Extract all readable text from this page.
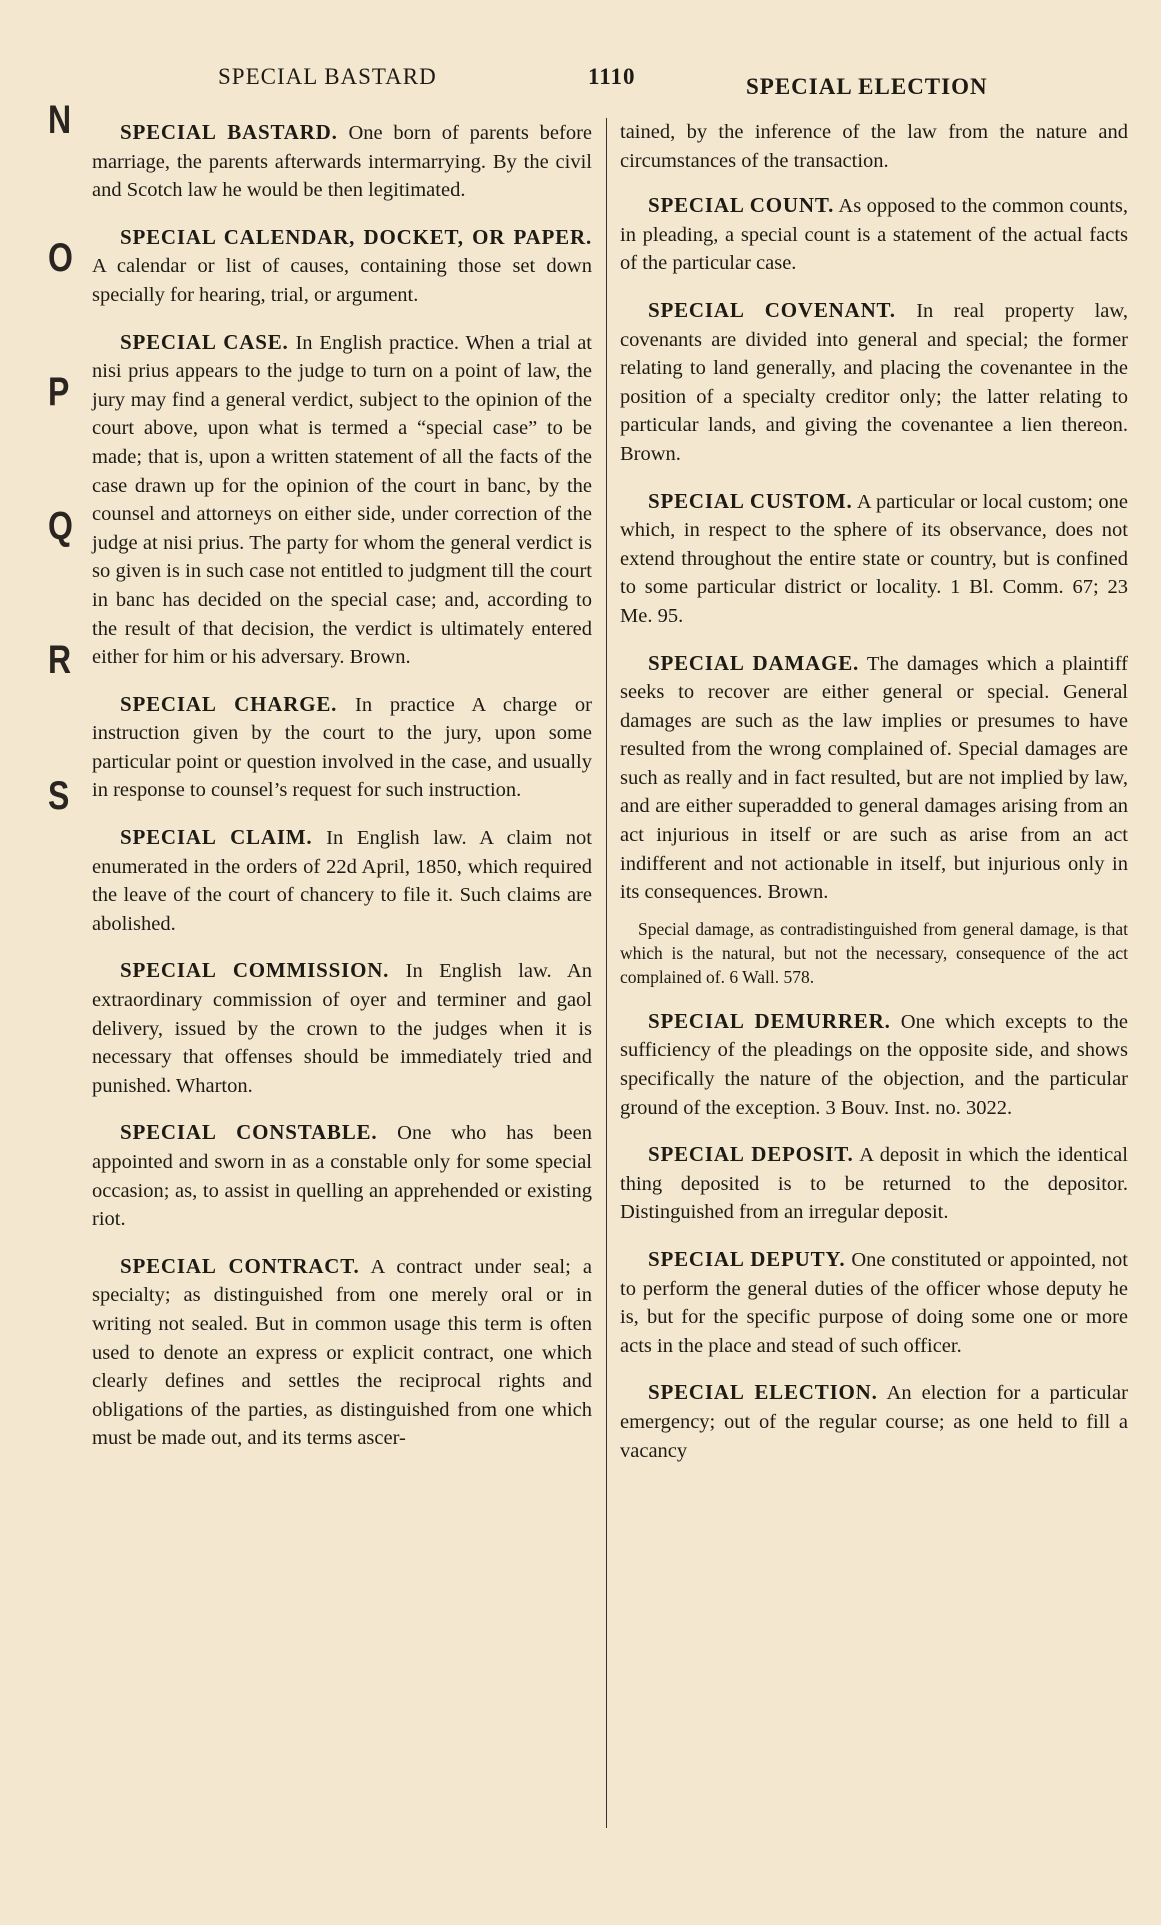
SPECIAL BASTARD	1110	SPECIAL ELECTION
N
O
P
Q
R
S

SPECIAL BASTARD. One born of parents before marriage, the parents afterwards intermarrying. By the civil and Scotch law he would be then legitimated.

SPECIAL CALENDAR, DOCKET, OR PAPER. A calendar or list of causes, containing those set down specially for hearing, trial, or argument.

SPECIAL CASE. In English practice. When a trial at nisi prius appears to the judge to turn on a point of law, the jury may find a general verdict, subject to the opinion of the court above, upon what is termed a “special case” to be made; that is, upon a written statement of all the facts of the case drawn up for the opinion of the court in banc, by the counsel and attorneys on either side, under correction of the judge at nisi prius. The party for whom the general verdict is so given is in such case not entitled to judgment till the court in banc has decided on the special case; and, according to the result of that decision, the verdict is ultimately entered either for him or his adversary. Brown.

SPECIAL CHARGE. In practice A charge or instruction given by the court to the jury, upon some particular point or question involved in the case, and usually in response to counsel’s request for such instruction.

SPECIAL CLAIM. In English law. A claim not enumerated in the orders of 22d April, 1850, which required the leave of the court of chancery to file it. Such claims are abolished.

SPECIAL COMMISSION. In English law. An extraordinary commission of oyer and terminer and gaol delivery, issued by the crown to the judges when it is necessary that offenses should be immediately tried and punished. Wharton.

SPECIAL CONSTABLE. One who has been appointed and sworn in as a constable only for some special occasion; as, to assist in quelling an apprehended or existing riot.

SPECIAL CONTRACT. A contract under seal; a specialty; as distinguished from one merely oral or in writing not sealed. But in common usage this term is often used to denote an express or explicit contract, one which clearly defines and settles the reciprocal rights and obligations of the parties, as distinguished from one which must be made out, and its terms ascer-

tained, by the inference of the law from the nature and circumstances of the transaction.

SPECIAL COUNT. As opposed to the common counts, in pleading, a special count is a statement of the actual facts of the particular case.

SPECIAL COVENANT. In real property law, covenants are divided into general and special; the former relating to land generally, and placing the covenantee in the position of a specialty creditor only; the latter relating to particular lands, and giving the covenantee a lien thereon. Brown.

SPECIAL CUSTOM. A particular or local custom; one which, in respect to the sphere of its observance, does not extend throughout the entire state or country, but is confined to some particular district or locality. 1 Bl. Comm. 67; 23 Me. 95.

SPECIAL DAMAGE. The damages which a plaintiff seeks to recover are either general or special. General damages are such as the law implies or presumes to have resulted from the wrong complained of. Special damages are such as really and in fact resulted, but are not implied by law, and are either superadded to general damages arising from an act injurious in itself or are such as arise from an act indifferent and not actionable in itself, but injurious only in its consequences. Brown.

Special damage, as contradistinguished from general damage, is that which is the natural, but not the necessary, consequence of the act complained of. 6 Wall. 578.

SPECIAL DEMURRER. One which excepts to the sufficiency of the pleadings on the opposite side, and shows specifically the nature of the objection, and the particular ground of the exception. 3 Bouv. Inst. no. 3022.

SPECIAL DEPOSIT. A deposit in which the identical thing deposited is to be returned to the depositor. Distinguished from an irregular deposit.

SPECIAL DEPUTY. One constituted or appointed, not to perform the general duties of the officer whose deputy he is, but for the specific purpose of doing some one or more acts in the place and stead of such officer.

SPECIAL ELECTION. An election for a particular emergency; out of the regular course; as one held to fill a vacancy
